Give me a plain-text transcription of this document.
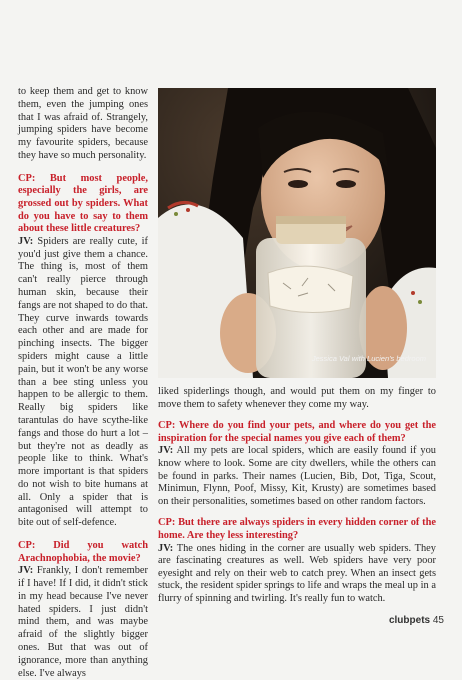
to keep them and get to know them, even the jumping ones that I was afraid of. Strangely, jumping spiders have become my favourite spiders, because they have so much personality.

CP: But most people, especially the girls, are grossed out by spiders. What do you have to say to them about these little creatures?

JV: Spiders are really cute, if you'd just give them a chance. The thing is, most of them can't really pierce through human skin, because their fangs are not shaped to do that. They curve inwards towards each other and are made for pinching insects. The bigger spiders might cause a little pain, but it won't be any worse than a bee sting unless you happen to be allergic to them. Really big spiders like tarantulas do have scythe-like fangs and those do hurt a lot – but they're not as deadly as people like to think. What's more important is that spiders do not wish to bite humans at all. Only a spider that is antagonised will attempt to bite out of self-defence.

CP: Did you watch Arachnophobia, the movie?

JV: Frankly, I don't remember if I have! If I did, it didn't stick in my head because I've never hated spiders. I just didn't mind them, and was maybe afraid of the slightly bigger ones. But that was out of ignorance, more than anything else. I've always

Jessica Val with Lucien's bedroom

liked spiderlings though, and would put them on my finger to move them to safety whenever they come my way.

CP: Where do you find your pets, and where do you get the inspiration for the special names you give each of them?

JV: All my pets are local spiders, which are easily found if you know where to look. Some are city dwellers, while the others can be found in parks. Their names (Lucien, Bib, Dot, Tiga, Scout, Minimun, Flynn, Poof, Missy, Kit, Krusty) are sometimes based on their personalities, sometimes based on other random factors.

CP: But there are always spiders in every hidden corner of the home. Are they less interesting?

JV: The ones hiding in the corner are usually web spiders. They are fascinating creatures as well. Web spiders have very poor eyesight and rely on their web to catch prey. When an insect gets stuck, the resident spider springs to life and wraps the meal up in a flurry of spinning and twirling. It's really fun to watch.

clubpets 45
